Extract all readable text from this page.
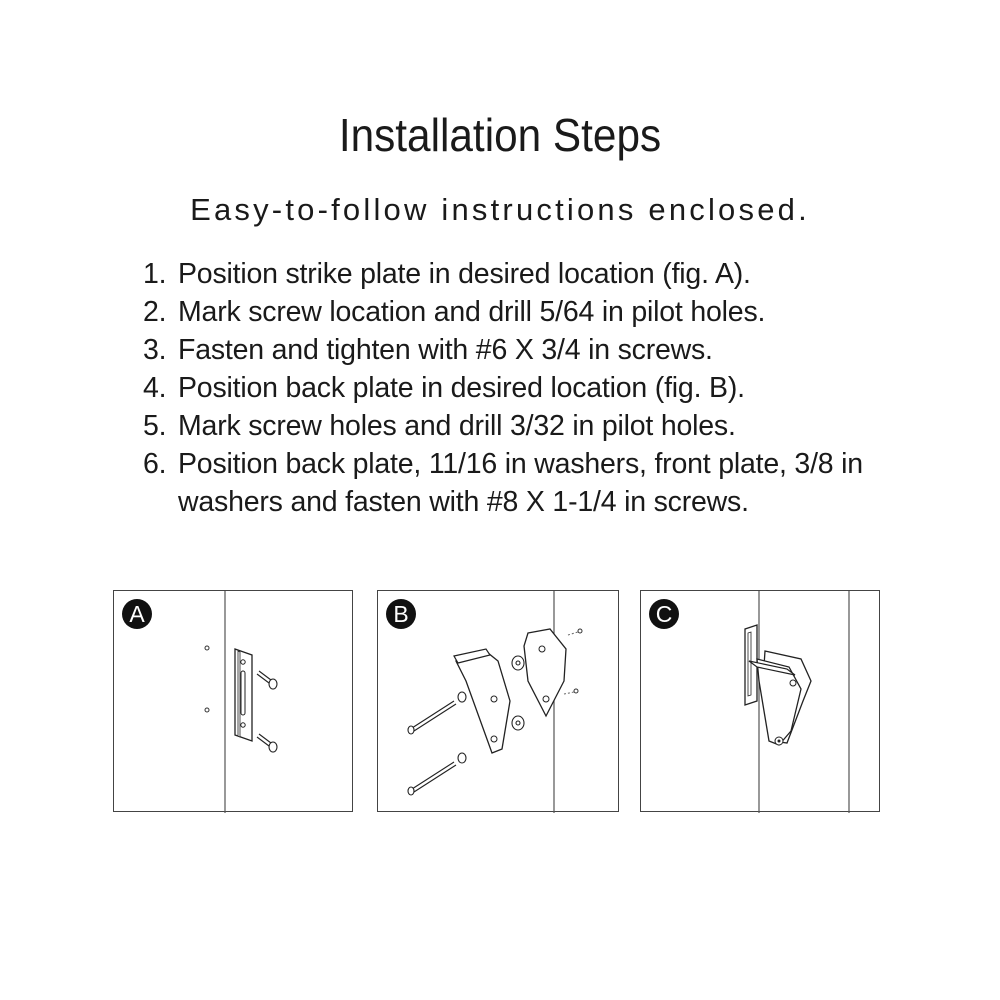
Installation Steps
Easy-to-follow instructions enclosed.
1. Position strike plate in desired location (fig. A).
2. Mark screw location and drill 5/64 in pilot holes.
3. Fasten and tighten with #6 X 3/4 in screws.
4. Position back plate in desired location (fig. B).
5. Mark screw holes and drill 3/32 in pilot holes.
6. Position back plate, 11/16 in washers, front plate, 3/8 in washers and fasten with #8 X 1-1/4 in screws.
A	B	C
